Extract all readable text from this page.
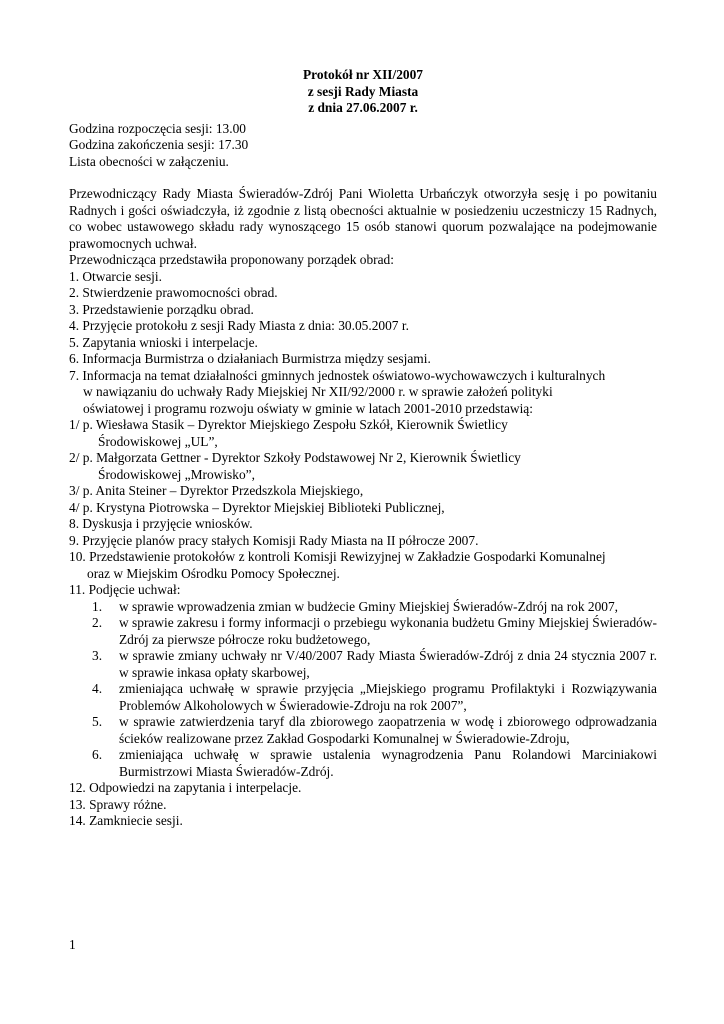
Protokół nr XII/2007
z sesji Rady Miasta
z dnia 27.06.2007 r.
Godzina rozpoczęcia sesji: 13.00
Godzina zakończenia sesji: 17.30
Lista obecności w załączeniu.
Przewodniczący Rady Miasta Świeradów-Zdrój Pani Wioletta Urbańczyk otworzyła sesję i po powitaniu Radnych i gości oświadczyła, iż zgodnie z listą obecności aktualnie w posiedzeniu uczestniczy 15 Radnych, co wobec ustawowego składu rady wynoszącego 15 osób stanowi quorum pozwalające na podejmowanie prawomocnych uchwał.
Przewodnicząca przedstawiła proponowany porządek obrad:
1. Otwarcie sesji.
2. Stwierdzenie prawomocności obrad.
3. Przedstawienie porządku obrad.
4. Przyjęcie protokołu z sesji Rady Miasta z dnia: 30.05.2007 r.
5. Zapytania wnioski i interpelacje.
6. Informacja Burmistrza o działaniach Burmistrza między sesjami.
7. Informacja na temat działalności gminnych jednostek oświatowo-wychowawczych i kulturalnych
w nawiązaniu do uchwały Rady Miejskiej Nr XII/92/2000 r. w sprawie założeń polityki
oświatowej i programu rozwoju oświaty w gminie w latach 2001-2010 przedstawią:
1/ p. Wiesława Stasik – Dyrektor Miejskiego Zespołu Szkół, Kierownik Świetlicy
Środowiskowej „UL”,
2/ p. Małgorzata Gettner - Dyrektor Szkoły Podstawowej Nr 2, Kierownik Świetlicy
Środowiskowej „Mrowisko”,
3/ p. Anita Steiner – Dyrektor Przedszkola Miejskiego,
4/ p. Krystyna Piotrowska – Dyrektor Miejskiej Biblioteki Publicznej,
8. Dyskusja i przyjęcie wniosków.
9. Przyjęcie planów pracy stałych Komisji Rady Miasta na II półrocze 2007.
10. Przedstawienie protokołów z kontroli Komisji Rewizyjnej w Zakładzie Gospodarki Komunalnej
oraz w Miejskim Ośrodku Pomocy Społecznej.
11. Podjęcie uchwał:
1.	w sprawie wprowadzenia zmian w budżecie Gminy Miejskiej Świeradów-Zdrój na rok 2007,
2.	w sprawie zakresu i formy informacji o przebiegu wykonania budżetu Gminy Miejskiej Świeradów-Zdrój za pierwsze półrocze roku budżetowego,
3.	w sprawie zmiany uchwały nr V/40/2007 Rady Miasta Świeradów-Zdrój z dnia 24 stycznia 2007 r. w sprawie inkasa opłaty skarbowej,
4.	zmieniająca uchwałę w sprawie przyjęcia „Miejskiego programu Profilaktyki i Rozwiązywania Problemów Alkoholowych w Świeradowie-Zdroju na rok 2007”,
5.	w sprawie zatwierdzenia taryf dla zbiorowego zaopatrzenia w wodę i zbiorowego odprowadzania ścieków realizowane przez Zakład Gospodarki Komunalnej w Świeradowie-Zdroju,
6.	zmieniająca uchwałę w sprawie ustalenia wynagrodzenia Panu Rolandowi Marciniakowi Burmistrzowi Miasta Świeradów-Zdrój.
12. Odpowiedzi na zapytania i interpelacje.
13. Sprawy różne.
14. Zamkniecie sesji.
1
